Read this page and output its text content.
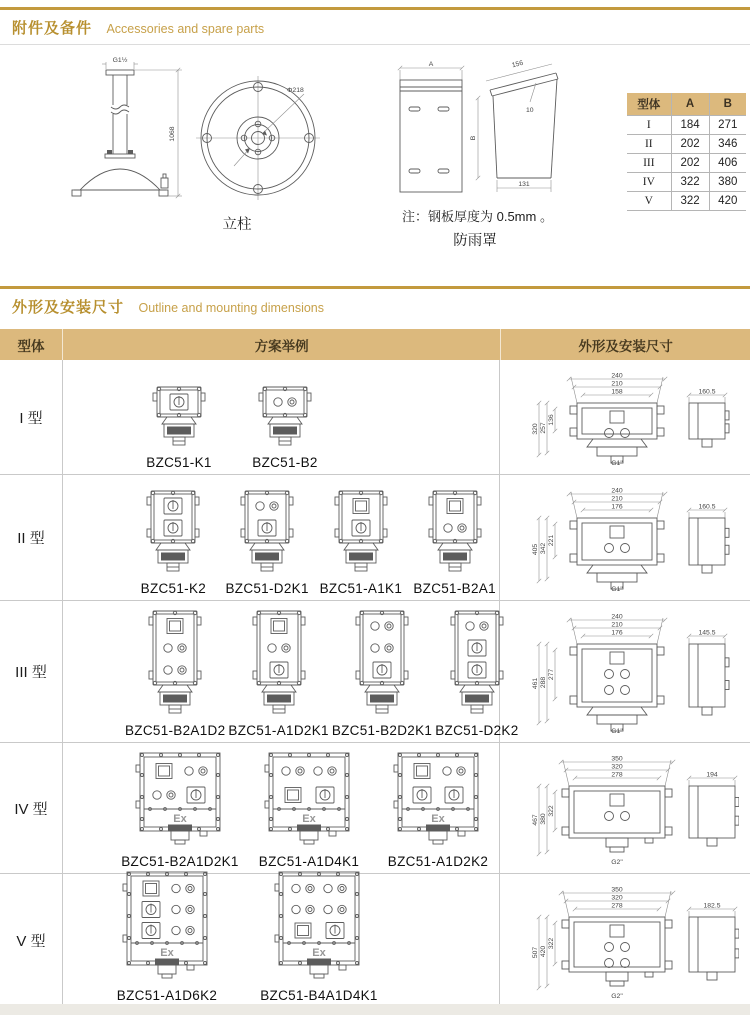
附件及备件 Accessories and spare parts
G1½
1068
Φ218
立柱
A
B
156
10
131
注：钢板厚度为 0.5mm 。
防雨罩
型体	A	B
I	184	271
II	202	346
III	202	406
IV	322	380
V	322	420
外形及安装尺寸 Outline and mounting dimensions
型体	方案举例	外形及安装尺寸
I 型
BZC51-K1	BZC51-B2
240
210
158
320 257
136
G1"
160.5
II 型
BZC51-K2 BZC51-D2K1 BZC51-A1K1 BZC51-B2A1
240
210
176
405 342
221
G1"
160.5
III 型
BZC51-B2A1D2 BZC51-A1D2K1 BZC51-B2D2K1 BZC51-D2K2
240
210
176
461 288
277
G1"
145.5
IV 型
Ex
BZC51-B2A1D2K1
Ex
BZC51-A1D4K1
Ex
BZC51-A1D2K2
350
320
278
467 380
322
G2"
194
V 型
Ex
BZC51-A1D6K2
Ex
BZC51-B4A1D4K1
350
320
278
507 420
322
G2"
182.5
